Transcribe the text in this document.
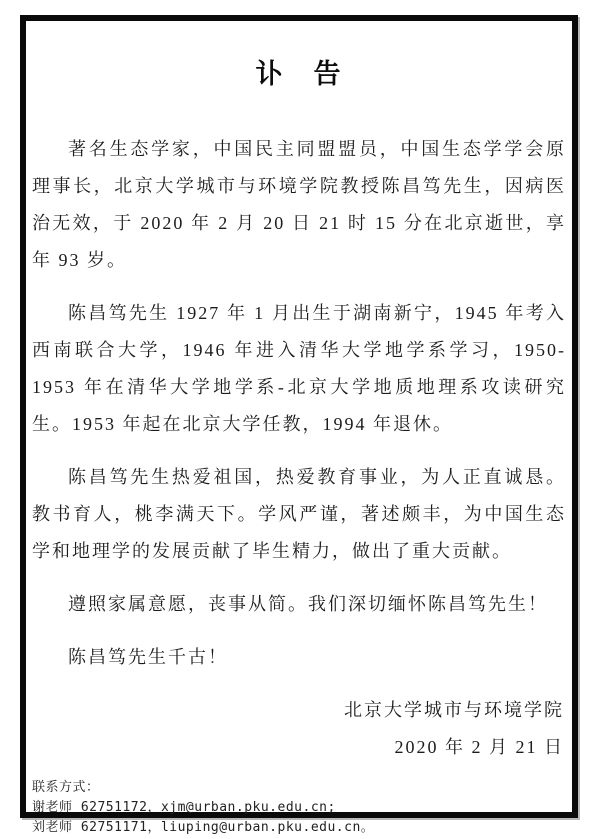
讣　告

著名生态学家，中国民主同盟盟员，中国生态学学会原理事长，北京大学城市与环境学院教授陈昌笃先生，因病医治无效，于 2020 年 2 月 20 日 21 时 15 分在北京逝世，享年 93 岁。

陈昌笃先生 1927 年 1 月出生于湖南新宁，1945 年考入西南联合大学，1946 年进入清华大学地学系学习，1950-1953 年在清华大学地学系-北京大学地质地理系攻读研究生。1953 年起在北京大学任教，1994 年退休。

陈昌笃先生热爱祖国，热爱教育事业，为人正直诚恳。教书育人，桃李满天下。学风严谨，著述颇丰，为中国生态学和地理学的发展贡献了毕生精力，做出了重大贡献。

遵照家属意愿，丧事从简。我们深切缅怀陈昌笃先生！

陈昌笃先生千古！

北京大学城市与环境学院
2020 年 2 月 21 日
联系方式：
谢老师 62751172，xjm@urban.pku.edu.cn;
刘老师 62751171，liuping@urban.pku.edu.cn。
